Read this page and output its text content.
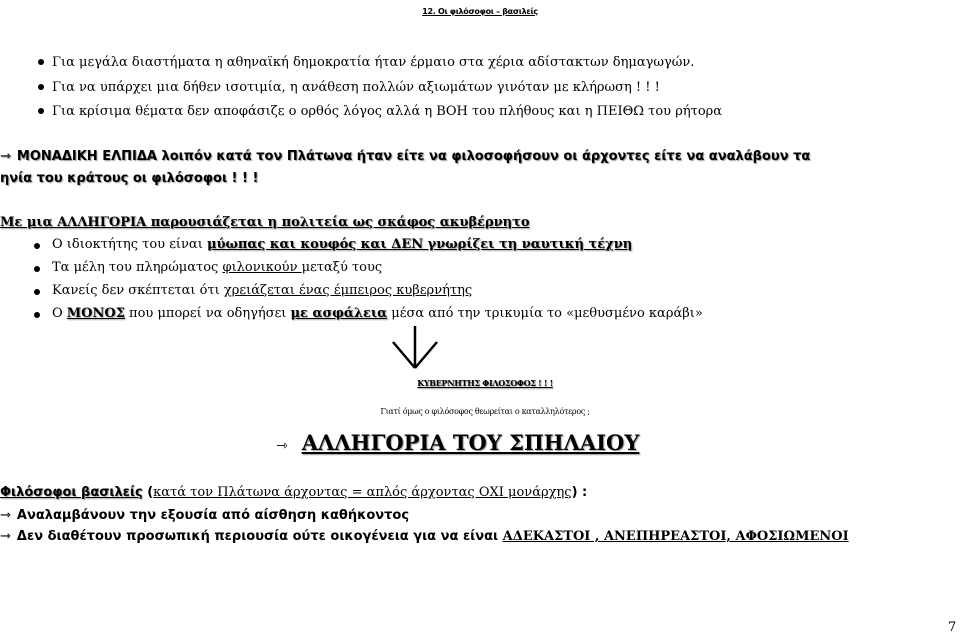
12. Οι φιλόσοφοι – βασιλείς
Για μεγάλα διαστήματα η αθηναϊκή δημοκρατία ήταν έρμαιο στα χέρια αδίστακτων δημαγωγών.
Για να υπάρχει μια δήθεν ισοτιμία, η ανάθεση πολλών αξιωμάτων γινόταν με κλήρωση ! ! !
Για κρίσιμα θέματα δεν αποφάσιζε ο ορθός λόγος αλλά η ΒΟΗ του πλήθους και η ΠΕΙΘΩ του ρήτορα
⇾ ΜΟΝΑΔΙΚΗ ΕΛΠΙΔΑ λοιπόν κατά τον Πλάτωνα ήταν είτε να φιλοσοφήσουν οι άρχοντες είτε να αναλάβουν τα
ηνία του κράτους οι φιλόσοφοι ! ! !
Με μια ΑΛΛΗΓΟΡΙΑ παρουσιάζεται η πολιτεία ως σκάφος ακυβέρνητο
Ο ιδιοκτήτης του είναι μύωπας και κουφός και ΔΕΝ γνωρίζει τη ναυτική τέχνη
Τα μέλη του πληρώματος φιλονικούν μεταξύ τους
Κανείς δεν σκέπτεται ότι χρειάζεται ένας έμπειρος κυβερνήτης
Ο ΜΟΝΟΣ που μπορεί να οδηγήσει με ασφάλεια μέσα από την τρικυμία το «μεθυσμένο καράβι»
ΚΥΒΕΡΝΗΤΗΣ ΦΙΛΟΣΟΦΟΣ ! ! !
Γιατί όμως ο φιλόσοφος θεωρείται ο καταλληλότερος ;
⇾ ΑΛΛΗΓΟΡΙΑ ΤΟΥ ΣΠΗΛΑΙΟΥ
Φιλόσοφοι βασιλείς (κατά τον Πλάτωνα άρχοντας = απλός άρχοντας ΟΧΙ μονάρχης) :
⇾ Αναλαμβάνουν την εξουσία από αίσθηση καθήκοντος
⇾ Δεν διαθέτουν προσωπική περιουσία ούτε οικογένεια για να είναι ΑΔΕΚΑΣΤΟΙ , ΑΝΕΠΗΡΕΑΣΤΟΙ, ΑΦΟΣΙΩΜΕΝΟΙ
7
